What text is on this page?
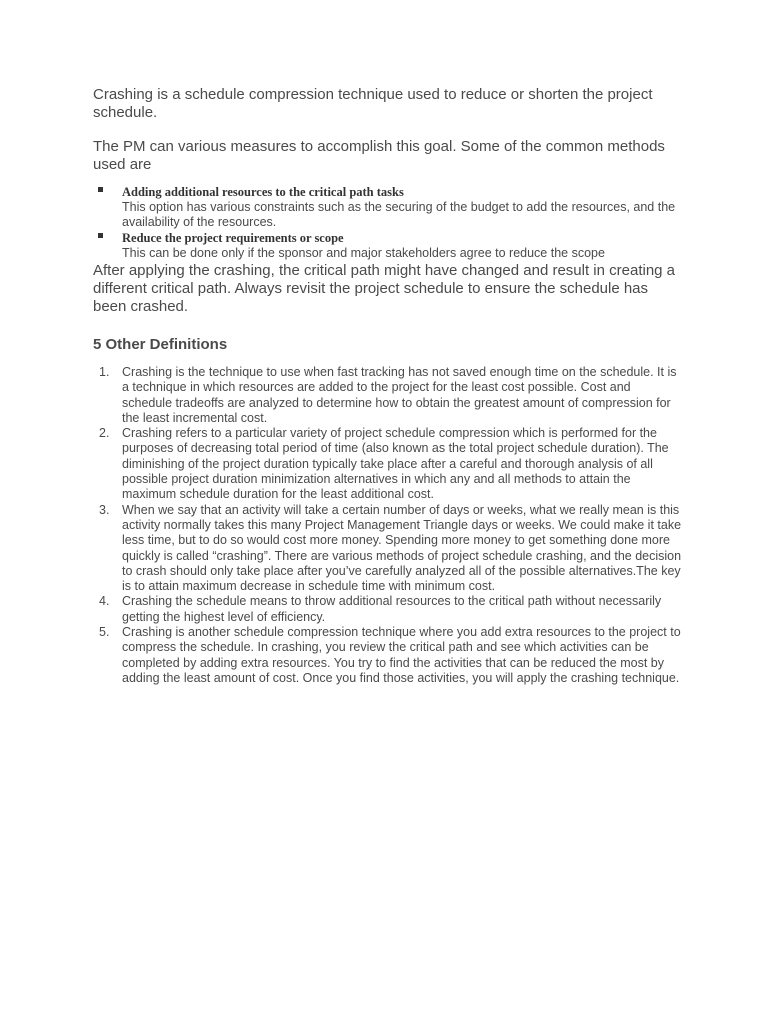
Crashing is a schedule compression technique used to reduce or shorten the project schedule.

The PM can various measures to accomplish this goal. Some of the common methods used are

Adding additional resources to the critical path tasks
This option has various constraints such as the securing of the budget to add the resources, and the availability of the resources.
Reduce the project requirements or scope
This can be done only if the sponsor and major stakeholders agree to reduce the scope

After applying the crashing, the critical path might have changed and result in creating a different critical path. Always revisit the project schedule to ensure the schedule has been crashed.

5 Other Definitions
1. Crashing is the technique to use when fast tracking has not saved enough time on the schedule. It is a technique in which resources are added to the project for the least cost possible. Cost and schedule tradeoffs are analyzed to determine how to obtain the greatest amount of compression for the least incremental cost.
2. Crashing refers to a particular variety of project schedule compression which is performed for the purposes of decreasing total period of time (also known as the total project schedule duration). The diminishing of the project duration typically take place after a careful and thorough analysis of all possible project duration minimization alternatives in which any and all methods to attain the maximum schedule duration for the least additional cost.
3. When we say that an activity will take a certain number of days or weeks, what we really mean is this activity normally takes this many Project Management Triangle days or weeks. We could make it take less time, but to do so would cost more money. Spending more money to get something done more quickly is called “crashing”. There are various methods of project schedule crashing, and the decision to crash should only take place after you’ve carefully analyzed all of the possible alternatives.The key is to attain maximum decrease in schedule time with minimum cost.
4. Crashing the schedule means to throw additional resources to the critical path without necessarily getting the highest level of efficiency.
5. Crashing is another schedule compression technique where you add extra resources to the project to compress the schedule. In crashing, you review the critical path and see which activities can be completed by adding extra resources. You try to find the activities that can be reduced the most by adding the least amount of cost. Once you find those activities, you will apply the crashing technique.
